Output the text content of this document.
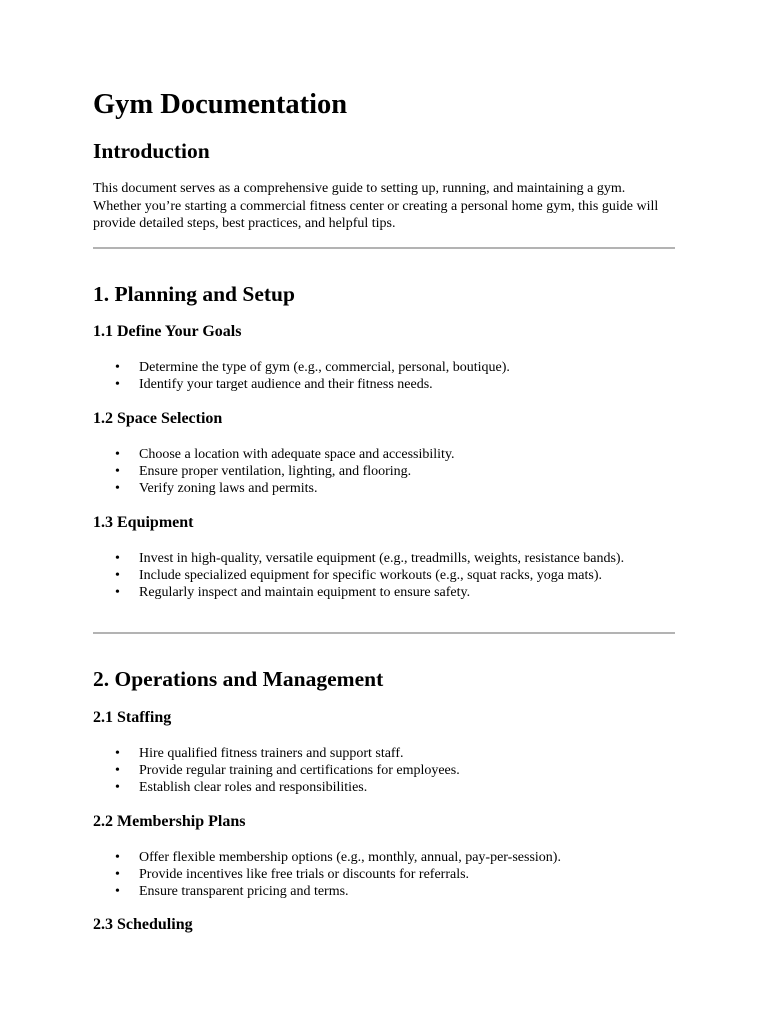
Gym Documentation
Introduction

This document serves as a comprehensive guide to setting up, running, and maintaining a gym. Whether you’re starting a commercial fitness center or creating a personal home gym, this guide will provide detailed steps, best practices, and helpful tips.

1. Planning and Setup
1.1 Define Your Goals
• Determine the type of gym (e.g., commercial, personal, boutique).
• Identify your target audience and their fitness needs.
1.2 Space Selection
• Choose a location with adequate space and accessibility.
• Ensure proper ventilation, lighting, and flooring.
• Verify zoning laws and permits.
1.3 Equipment
• Invest in high-quality, versatile equipment (e.g., treadmills, weights, resistance bands).
• Include specialized equipment for specific workouts (e.g., squat racks, yoga mats).
• Regularly inspect and maintain equipment to ensure safety.
2. Operations and Management
2.1 Staffing
• Hire qualified fitness trainers and support staff.
• Provide regular training and certifications for employees.
• Establish clear roles and responsibilities.
2.2 Membership Plans
• Offer flexible membership options (e.g., monthly, annual, pay-per-session).
• Provide incentives like free trials or discounts for referrals.
• Ensure transparent pricing and terms.
2.3 Scheduling
